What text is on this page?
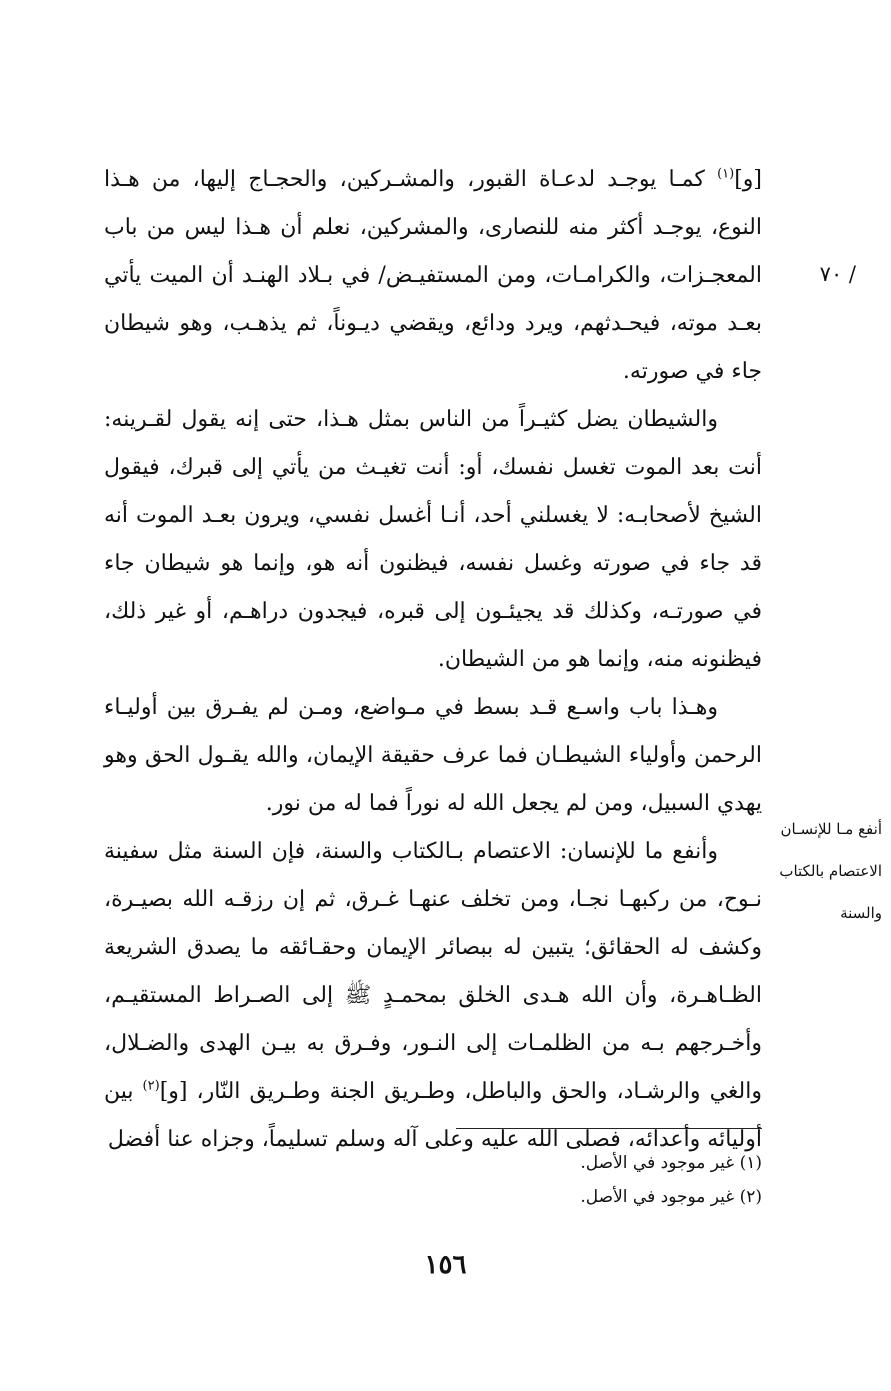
/ ٧٠
أنفع مـا للإنسـان
الاعتصام بالكتاب
والسنة

[و]$^{(١)}$ كمـا يوجـد لدعـاة القبور، والمشـركين، والحجـاج إليها، من هـذا النوع، يوجـد أكثر منه للنصارى، والمشركين، نعلم أن هـذا ليس من باب المعجـزات، والكرامـات، ومن المستفيـض/ في بـلاد الهنـد أن الميت يأتي بعـد موته، فيحـدثهم، ويرد ودائع، ويقضي ديـوناً، ثم يذهـب، وهو شيطان جاء في صورته.

والشيطان يضل كثيـراً من الناس بمثل هـذا، حتى إنه يقول لقـرينه: أنت بعد الموت تغسل نفسك، أو: أنت تغيـث من يأتي إلى قبرك، فيقول الشيخ لأصحابـه: لا يغسلني أحد، أنـا أغسل نفسي، ويرون بعـد الموت أنه قد جاء في صورته وغسل نفسه، فيظنون أنه هو، وإنما هو شيطان جاء في صورتـه، وكذلك قد يجيئـون إلى قبره، فيجدون دراهـم، أو غير ذلك، فيظنونه منه، وإنما هو من الشيطان.

وهـذا باب واسـع قـد بسط في مـواضع، ومـن لم يفـرق بين أوليـاء الرحمن وأولياء الشيطـان فما عرف حقيقة الإيمان، والله يقـول الحق وهو يهدي السبيل، ومن لم يجعل الله له نوراً فما له من نور.

وأنفع ما للإنسان: الاعتصام بـالكتاب والسنة، فإن السنة مثل سفينة نـوح، من ركبهـا نجـا، ومن تخلف عنهـا غـرق، ثم إن رزقـه الله بصيـرة، وكشف له الحقائق؛ يتبين له ببصائر الإيمان وحقـائقه ما يصدق الشريعة الظـاهـرة، وأن الله هـدى الخلق بمحمـدٍ ﷺ إلى الصـراط المستقيـم، وأخـرجهم بـه من الظلمـات إلى النـور، وفـرق به بيـن الهدى والضـلال، والغي والرشـاد، والحق والباطل، وطـريق الجنة وطـريق النّار، [و]$^{(٢)}$ بين أوليائه وأعدائه، فصلى الله عليه وعلى آله وسلم تسليماً، وجزاه عنا أفضل

(١) غير موجود في الأصل.
(٢) غير موجود في الأصل.
١٥٦
